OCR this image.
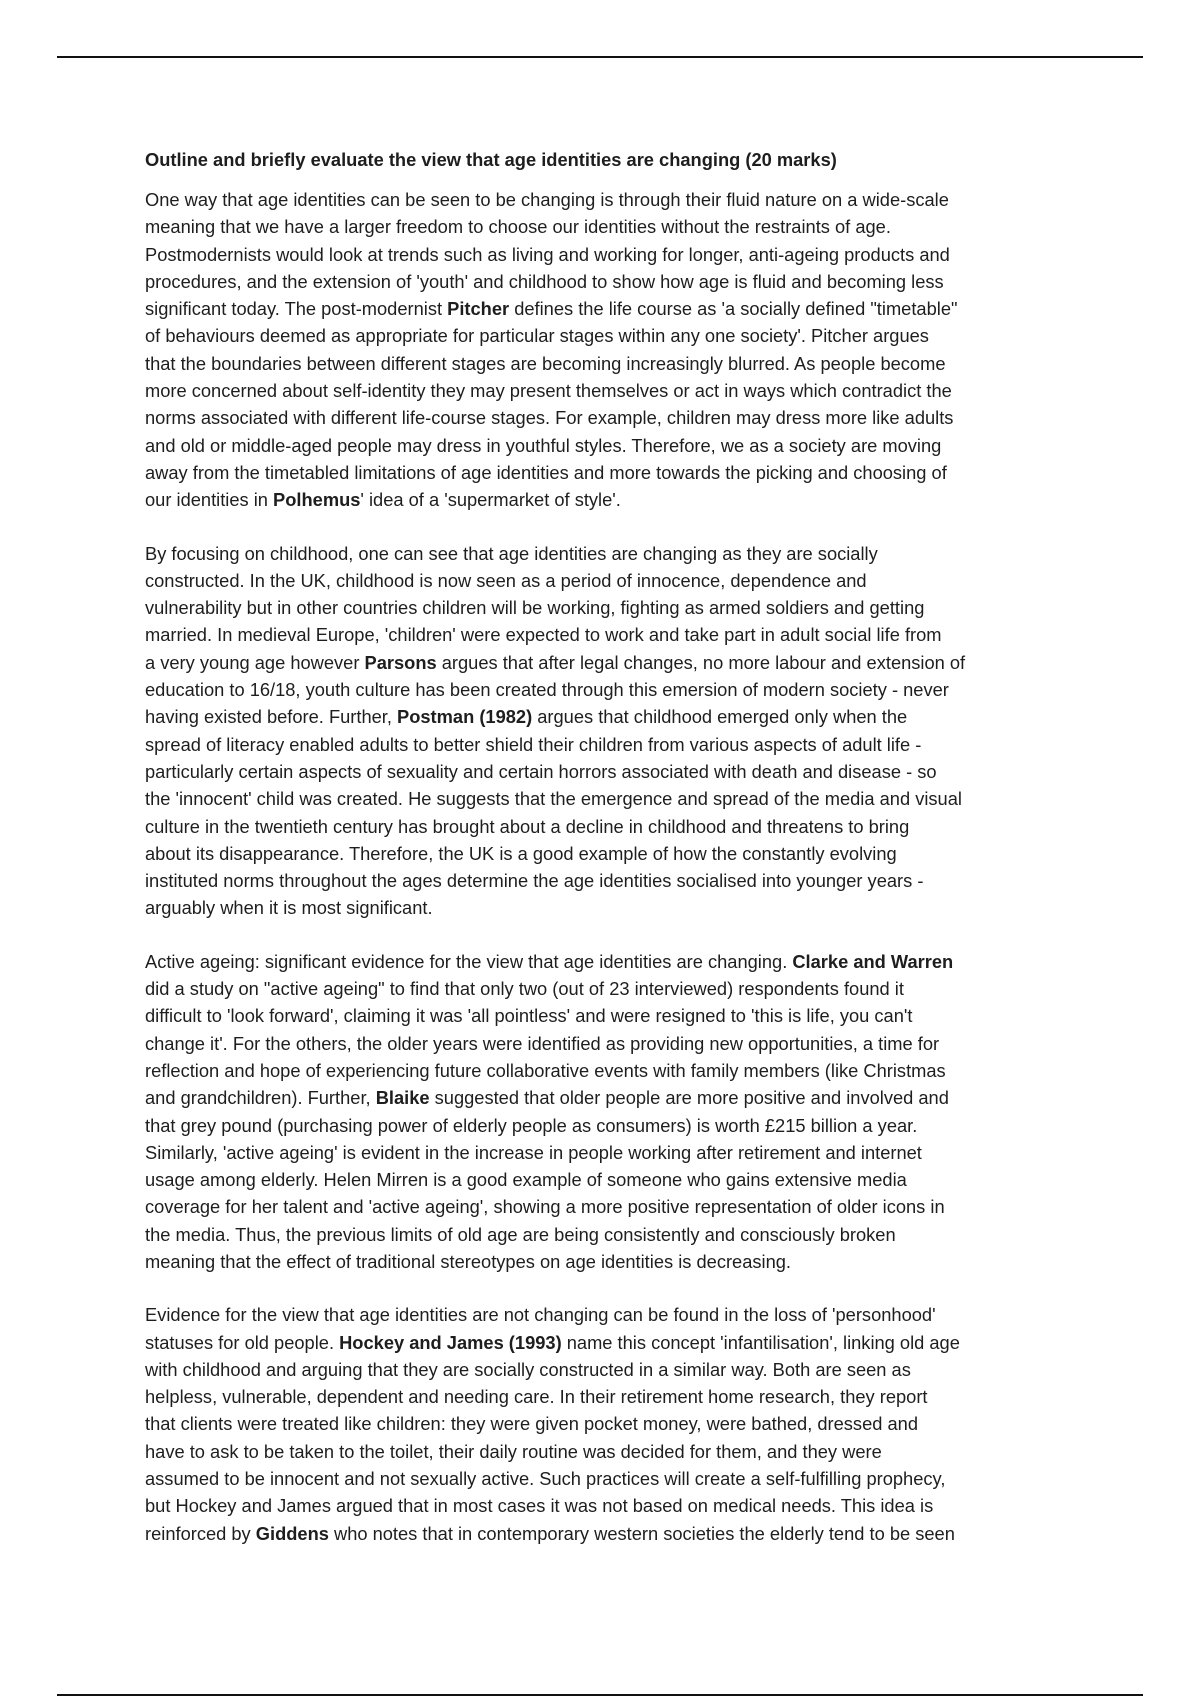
Outline and briefly evaluate the view that age identities are changing (20 marks)
One way that age identities can be seen to be changing is through their fluid nature on a wide-scale
meaning that we have a larger freedom to choose our identities without the restraints of age.
Postmodernists would look at trends such as living and working for longer, anti-ageing products and
procedures, and the extension of 'youth' and childhood to show how age is fluid and becoming less
significant today. The post-modernist Pitcher defines the life course as 'a socially defined "timetable"
of behaviours deemed as appropriate for particular stages within any one society'. Pitcher argues
that the boundaries between different stages are becoming increasingly blurred. As people become
more concerned about self-identity they may present themselves or act in ways which contradict the
norms associated with different life-course stages. For example, children may dress more like adults
and old or middle-aged people may dress in youthful styles. Therefore, we as a society are moving
away from the timetabled limitations of age identities and more towards the picking and choosing of
our identities in Polhemus' idea of a 'supermarket of style'.
By focusing on childhood, one can see that age identities are changing as they are socially
constructed. In the UK, childhood is now seen as a period of innocence, dependence and
vulnerability but in other countries children will be working, fighting as armed soldiers and getting
married. In medieval Europe, 'children' were expected to work and take part in adult social life from
a very young age however Parsons argues that after legal changes, no more labour and extension of
education to 16/18, youth culture has been created through this emersion of modern society - never
having existed before. Further, Postman (1982) argues that childhood emerged only when the
spread of literacy enabled adults to better shield their children from various aspects of adult life -
particularly certain aspects of sexuality and certain horrors associated with death and disease - so
the 'innocent' child was created. He suggests that the emergence and spread of the media and visual
culture in the twentieth century has brought about a decline in childhood and threatens to bring
about its disappearance. Therefore, the UK is a good example of how the constantly evolving
instituted norms throughout the ages determine the age identities socialised into younger years -
arguably when it is most significant.
Active ageing: significant evidence for the view that age identities are changing. Clarke and Warren
did a study on "active ageing" to find that only two (out of 23 interviewed) respondents found it
difficult to 'look forward', claiming it was 'all pointless' and were resigned to 'this is life, you can't
change it'. For the others, the older years were identified as providing new opportunities, a time for
reflection and hope of experiencing future collaborative events with family members (like Christmas
and grandchildren). Further, Blaike suggested that older people are more positive and involved and
that grey pound (purchasing power of elderly people as consumers) is worth £215 billion a year.
Similarly, 'active ageing' is evident in the increase in people working after retirement and internet
usage among elderly. Helen Mirren is a good example of someone who gains extensive media
coverage for her talent and 'active ageing', showing a more positive representation of older icons in
the media. Thus, the previous limits of old age are being consistently and consciously broken
meaning that the effect of traditional stereotypes on age identities is decreasing.
Evidence for the view that age identities are not changing can be found in the loss of 'personhood'
statuses for old people. Hockey and James (1993) name this concept 'infantilisation', linking old age
with childhood and arguing that they are socially constructed in a similar way. Both are seen as
helpless, vulnerable, dependent and needing care. In their retirement home research, they report
that clients were treated like children: they were given pocket money, were bathed, dressed and
have to ask to be taken to the toilet, their daily routine was decided for them, and they were
assumed to be innocent and not sexually active. Such practices will create a self-fulfilling prophecy,
but Hockey and James argued that in most cases it was not based on medical needs. This idea is
reinforced by Giddens who notes that in contemporary western societies the elderly tend to be seen
